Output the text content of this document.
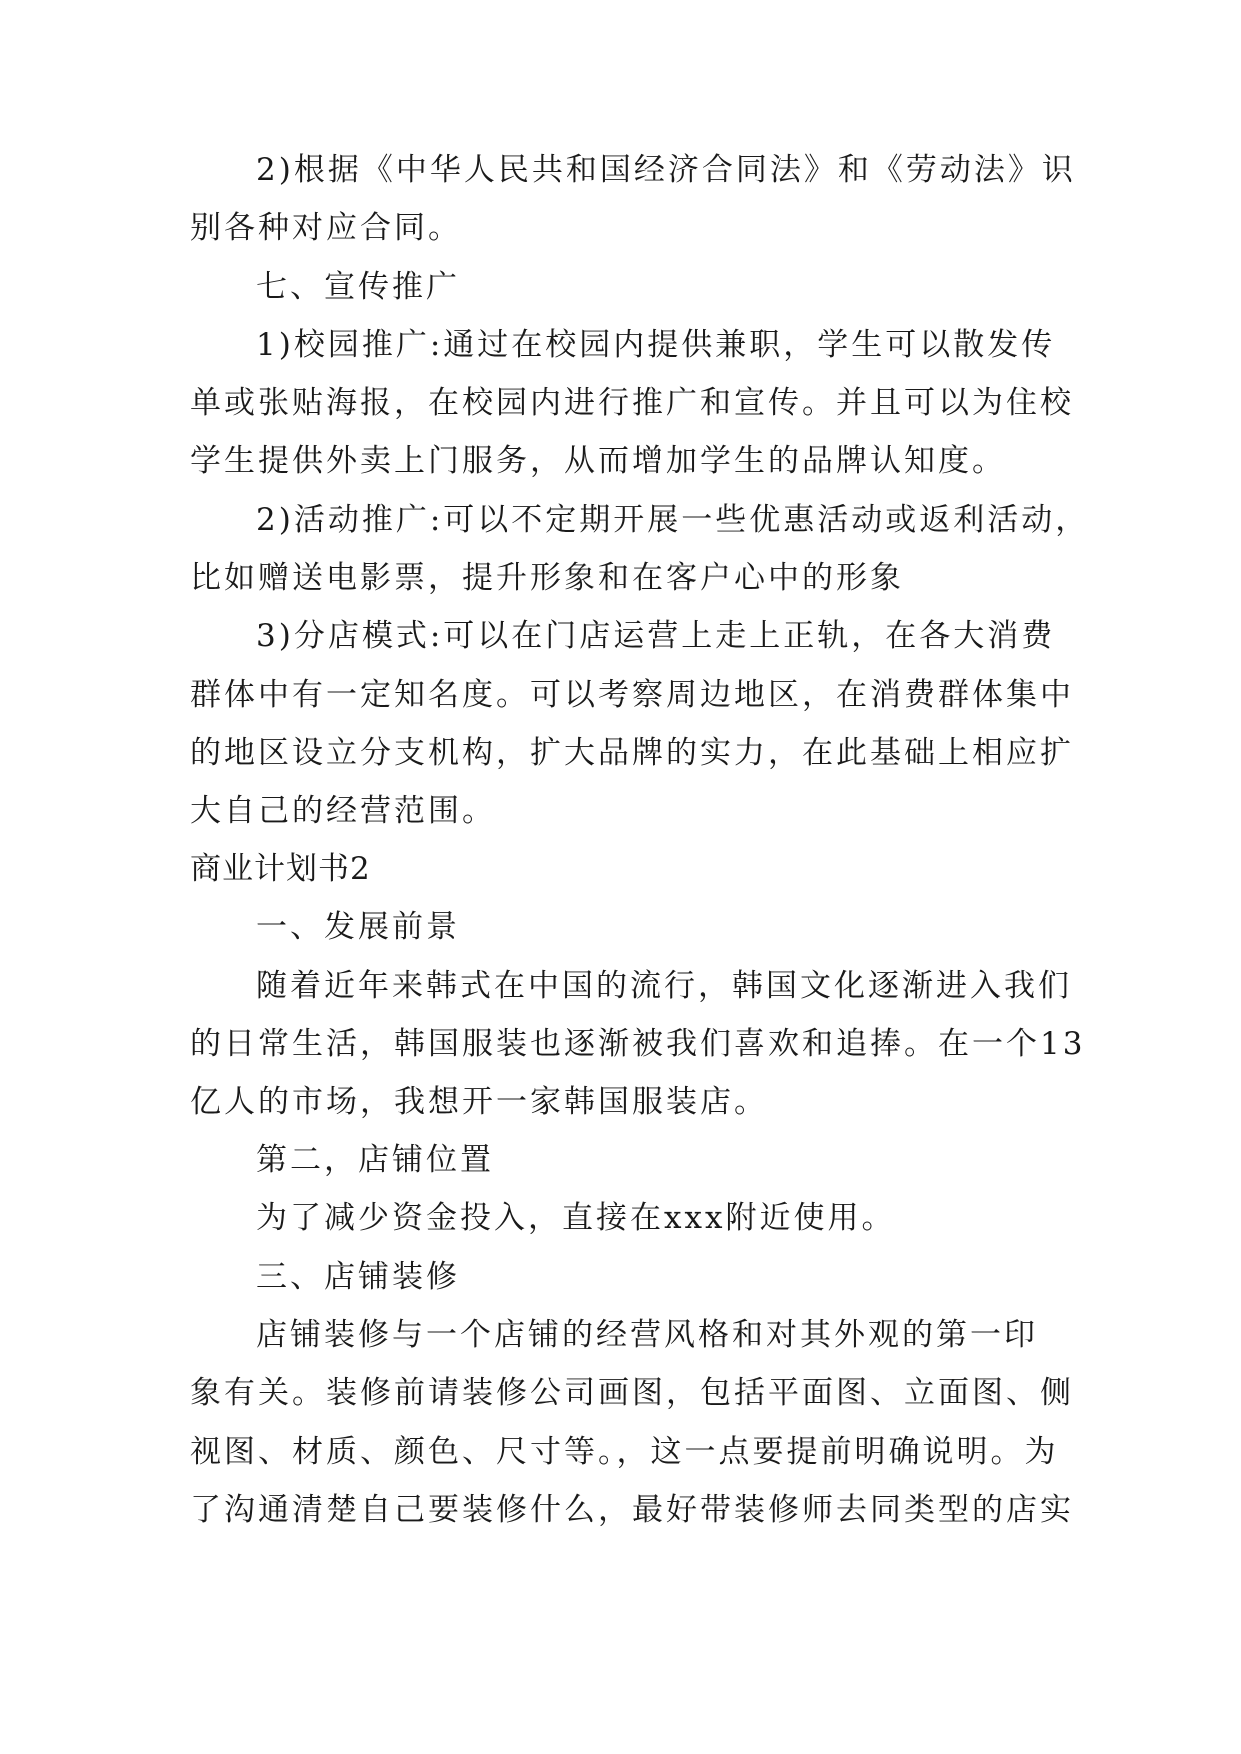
2)根据《中华人民共和国经济合同法》和《劳动法》识

别各种对应合同。

七、宣传推广

1)校园推广:通过在校园内提供兼职，学生可以散发传

单或张贴海报，在校园内进行推广和宣传。并且可以为住校

学生提供外卖上门服务，从而增加学生的品牌认知度。

2)活动推广:可以不定期开展一些优惠活动或返利活动，

比如赠送电影票，提升形象和在客户心中的形象

3)分店模式:可以在门店运营上走上正轨，在各大消费

群体中有一定知名度。可以考察周边地区，在消费群体集中

的地区设立分支机构，扩大品牌的实力，在此基础上相应扩

大自己的经营范围。

商业计划书2

一、发展前景

随着近年来韩式在中国的流行，韩国文化逐渐进入我们

的日常生活，韩国服装也逐渐被我们喜欢和追捧。在一个13

亿人的市场，我想开一家韩国服装店。

第二，店铺位置

为了减少资金投入，直接在xxx附近使用。

三、店铺装修

店铺装修与一个店铺的经营风格和对其外观的第一印

象有关。装修前请装修公司画图，包括平面图、立面图、侧

视图、材质、颜色、尺寸等。，这一点要提前明确说明。为

了沟通清楚自己要装修什么，最好带装修师去同类型的店实
